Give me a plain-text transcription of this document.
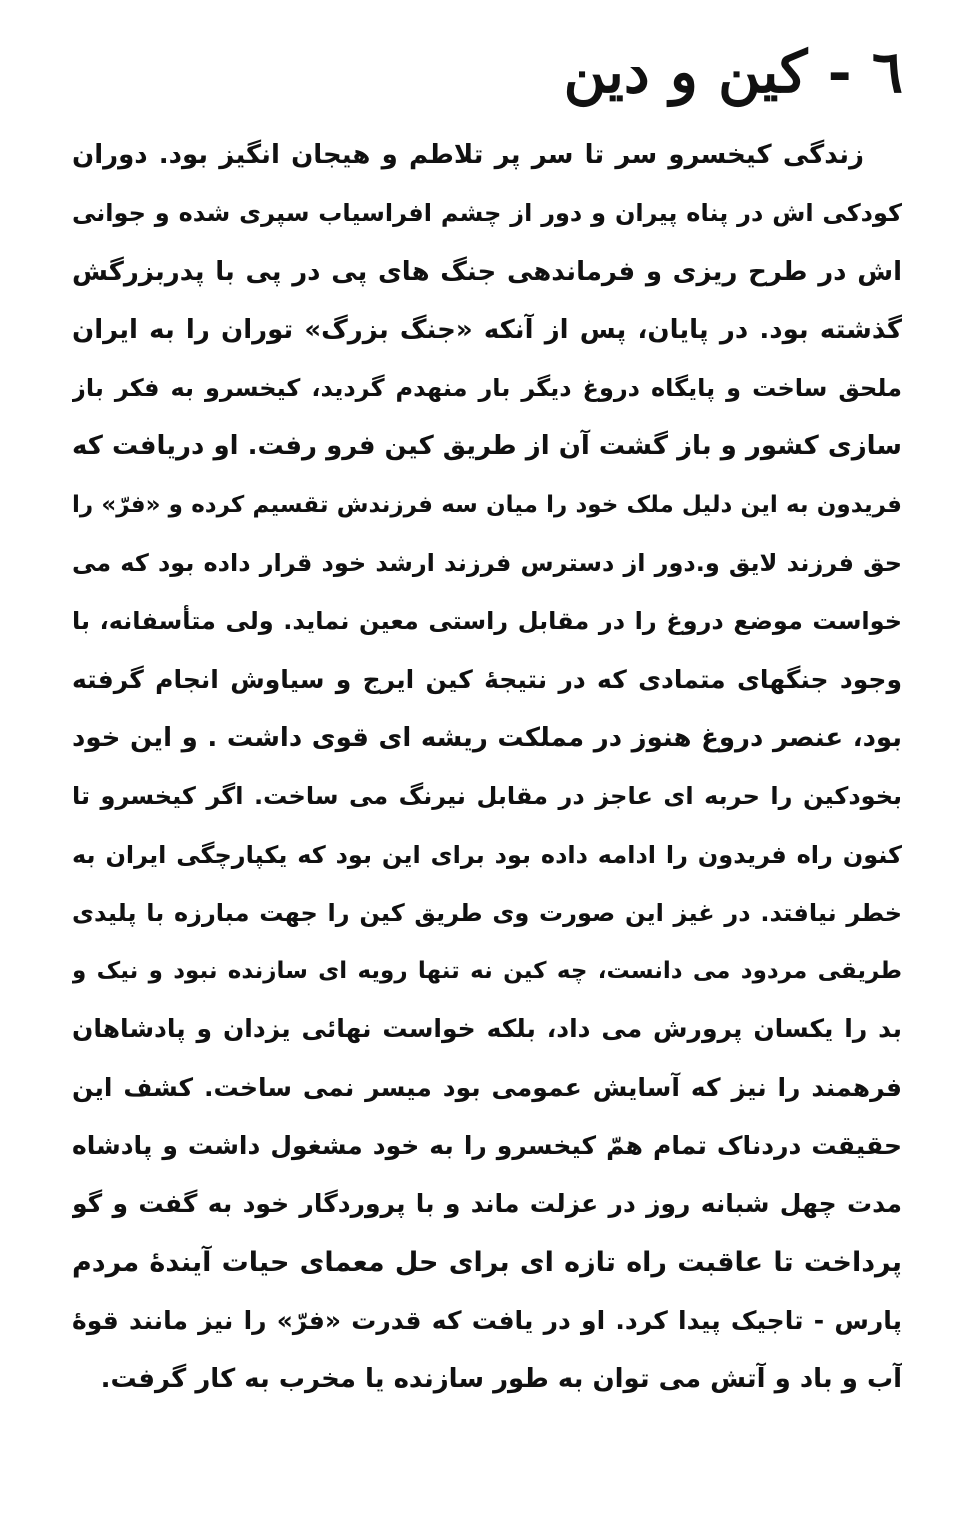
٦ - کین و دین
زندگی کیخسرو سر تا سر پر تلاطم و هیجان انگیز بود. دوران
کودکی اش در پناه پیران و دور از چشم افراسیاب سپری شده و جوانی
اش در طرح ریزی و فرماندهی جنگ های پی در پی با پدربزرگش
گذشته بود. در پایان، پس از آنکه «جنگ بزرگ» توران را به ایران
ملحق ساخت و پایگاه دروغ دیگر بار منهدم گردید، کیخسرو به فکر باز
سازی کشور و باز گشت آن از طریق کین فرو رفت. او دریافت که
فریدون به این دلیل ملک خود را میان سه فرزندش تقسیم کرده و «فرّ» را
حق فرزند لایق و.دور از دسترس فرزند ارشد خود قرار داده بود که می
خواست موضع دروغ را در مقابل راستی معین نماید. ولی متأسفانه، با
وجود جنگهای متمادی که در نتیجهٔ کین ایرج و سیاوش انجام گرفته
بود، عنصر دروغ هنوز در مملکت ریشه ای قوی داشت . و این خود
بخودکین را حربه ای عاجز در مقابل نیرنگ می ساخت. اگر کیخسرو تا
کنون راه فریدون را ادامه داده بود برای این بود که یکپارچگی ایران به
خطر نیافتد. در غیز این صورت وی طریق کین را جهت مبارزه با پلیدی
طریقی مردود می دانست، چه کین نه تنها رویه ای سازنده نبود و نیک و
بد را یکسان پرورش می داد، بلکه خواست نهائی یزدان و پادشاهان
فرهمند را نیز که آسایش عمومی بود میسر نمی ساخت. کشف این
حقیقت دردناک تمام همّ کیخسرو را به خود مشغول داشت و پادشاه
مدت چهل شبانه روز در عزلت ماند و با پروردگار خود به گفت و گو
پرداخت تا عاقبت راه تازه ای برای حل معمای حیات آیندهٔ مردم
پارس - تاجیک پیدا کرد. او در یافت که قدرت «فرّ» را نیز مانند قوهٔ
آب و باد و آتش می توان به طور سازنده یا مخرب به کار گرفت.
